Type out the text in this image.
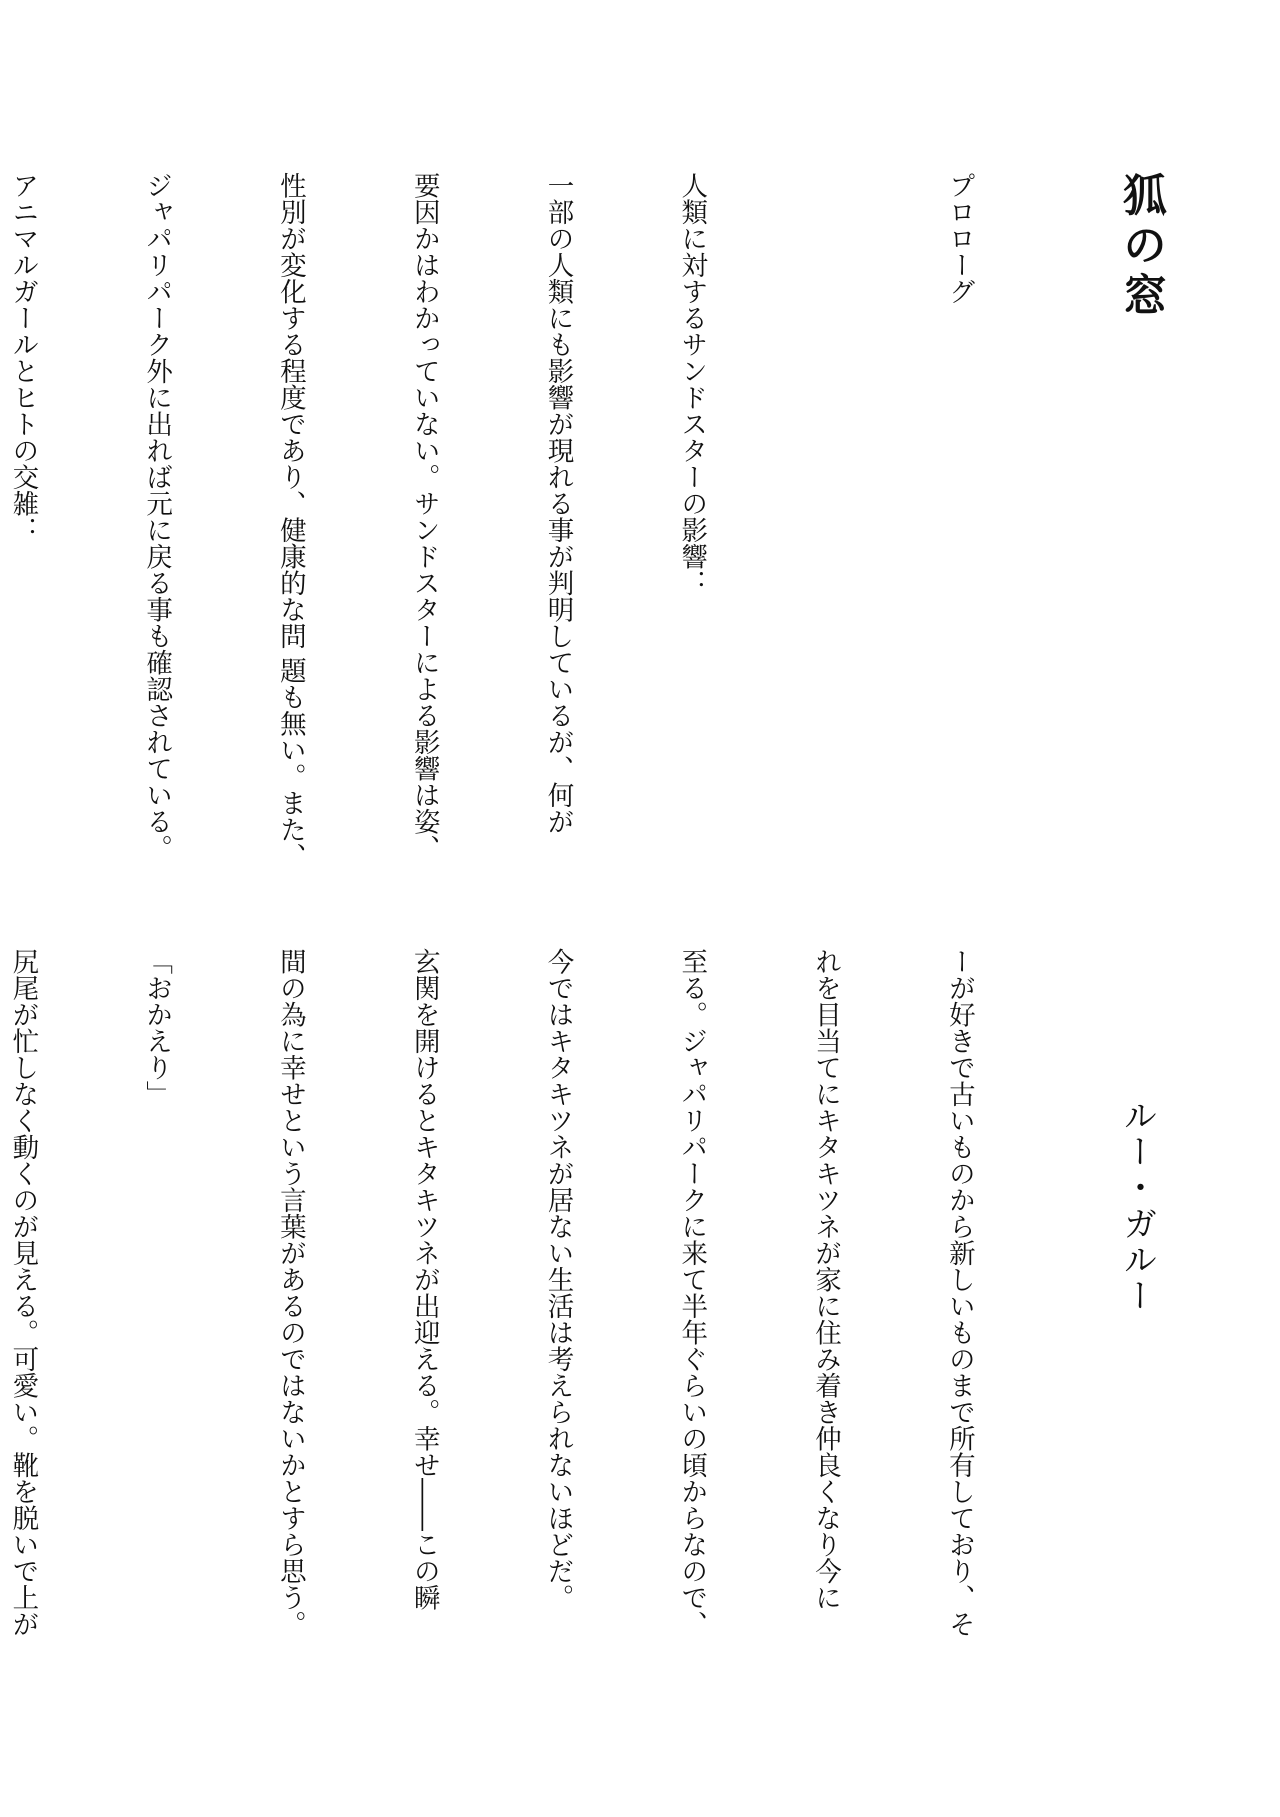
狐の窓
ルー・ガルー

プロローグ

人類に対するサンドスターの影響：

一部の人類にも影響が現れる事が判明しているが、何が

要因かはわかっていない。サンドスターによる影響は姿、

性別が変化する程度であり、健康的な問 題も無い。また、

ジャパリパーク外に出れば元に戻る事も確認されている。

アニマルガールとヒトの交雑：

ーが好きで古いものから新しいものまで所有しており、そ

れを目当てにキタキツネが家に住み着き仲良くなり今に

至る。ジャパリパークに来て半年ぐらいの頃からなので、

今ではキタキツネが居ない生活は考えられないほどだ。

玄関を開けるとキタキツネが出迎える。幸せ――この瞬

間の為に幸せという言葉があるのではないかとすら思う。

「おかえり」

尻尾が忙しなく動くのが見える。可愛い。靴を脱いで上が
